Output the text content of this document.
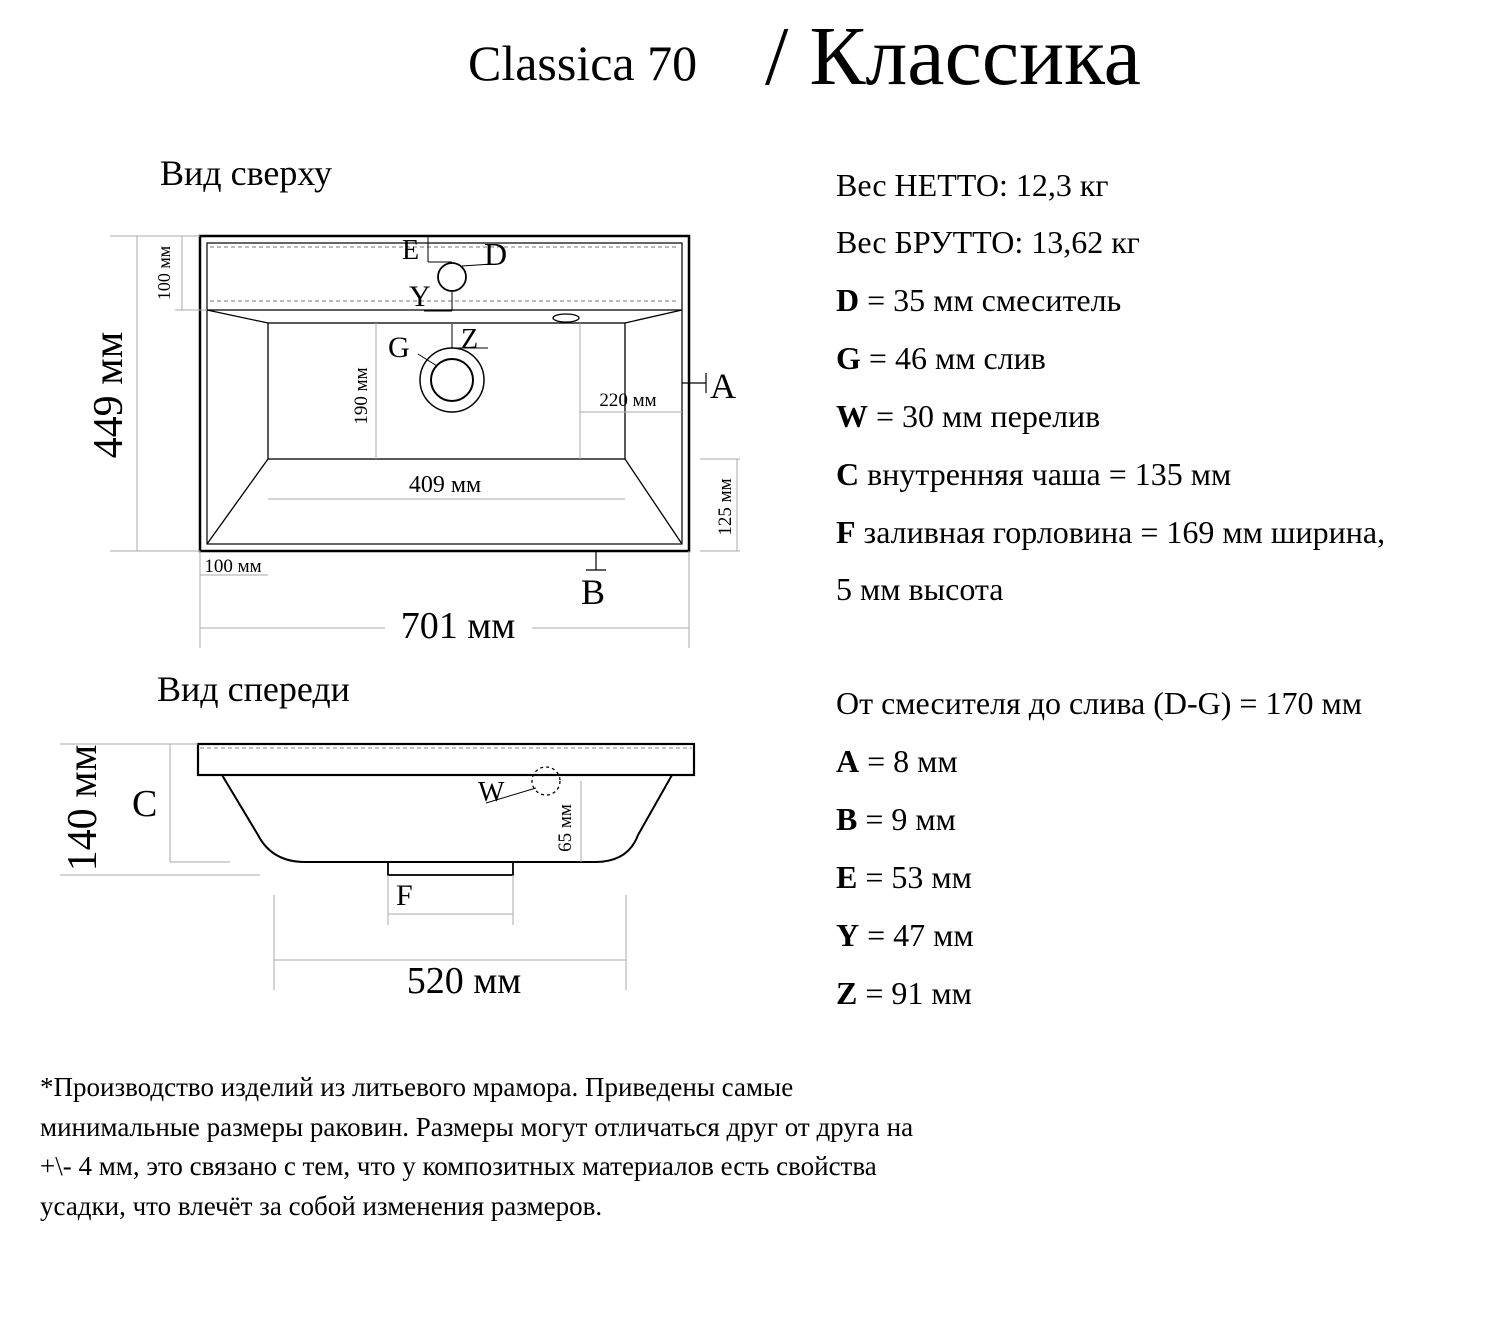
Classica 70 / Классика
Вид сверху
Вид спереди
Вес НЕТТО: 12,3 кг
Вес БРУТТО: 13,62 кг
D = 35 мм смеситель
G = 46 мм слив
W = 30 мм перелив
C внутренняя чаша = 135 мм
F заливная горловина = 169 мм ширина,
5 мм высота
От смесителя до слива (D-G) = 170 мм
A = 8 мм
B = 9 мм
E = 53 мм
Y = 47 мм
Z = 91 мм
449 мм
701 мм
100 мм
190 мм	220 мм
409 мм	125 мм
100 мм
E D
Y
G Z
A
B
140 мм
520 мм
65 мм
C	W
F
*Производство изделий из литьевого мрамора. Приведены самые минимальные размеры раковин. Размеры могут отличаться друг от друга на +\- 4 мм, это связано с тем, что у композитных материалов есть свойства усадки, что влечёт за собой изменения размеров.
